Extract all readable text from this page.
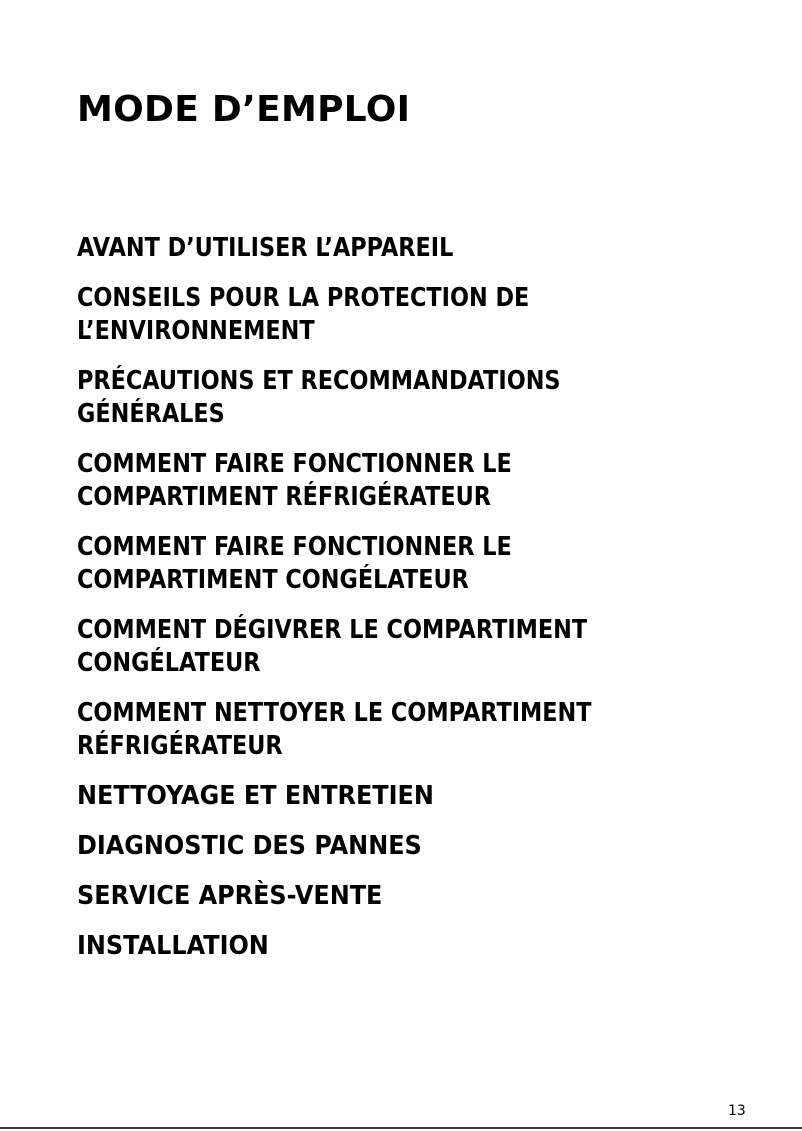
MODE D’EMPLOI
AVANT D’UTILISER L’APPAREIL
CONSEILS POUR LA PROTECTION DE
L’ENVIRONNEMENT
PRÉCAUTIONS ET RECOMMANDATIONS
GÉNÉRALES
COMMENT FAIRE FONCTIONNER LE
COMPARTIMENT RÉFRIGÉRATEUR
COMMENT FAIRE FONCTIONNER LE
COMPARTIMENT CONGÉLATEUR
COMMENT DÉGIVRER LE COMPARTIMENT
CONGÉLATEUR
COMMENT NETTOYER LE COMPARTIMENT
RÉFRIGÉRATEUR
NETTOYAGE ET ENTRETIEN
DIAGNOSTIC DES PANNES
SERVICE APRÈS-VENTE
INSTALLATION
13
